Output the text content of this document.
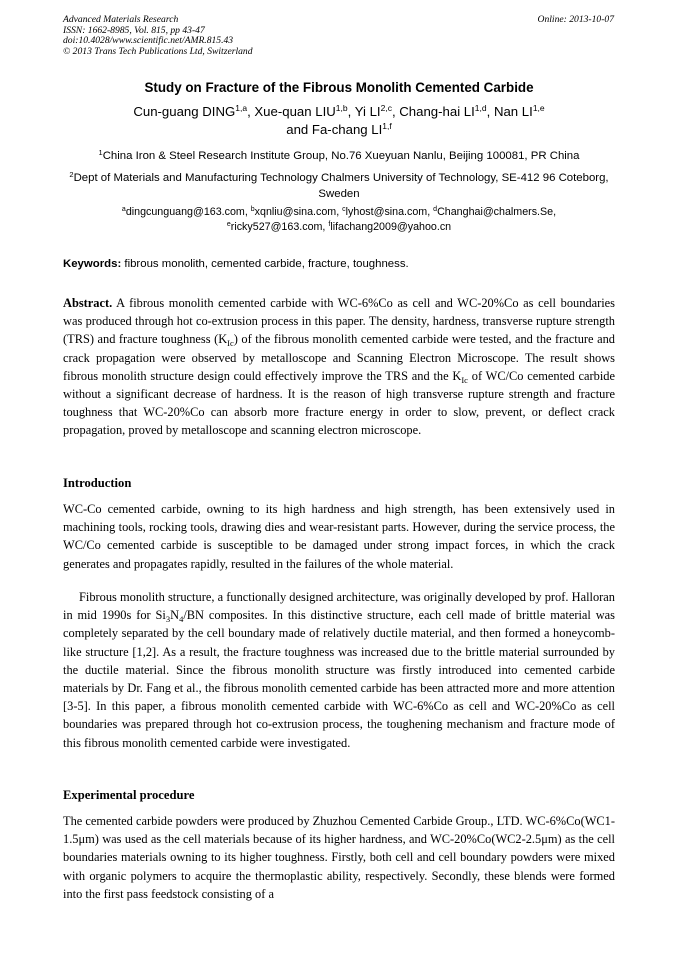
Advanced Materials Research
ISSN: 1662-8985, Vol. 815, pp 43-47
doi:10.4028/www.scientific.net/AMR.815.43
© 2013 Trans Tech Publications Ltd, Switzerland
Online: 2013-10-07
Study on Fracture of the Fibrous Monolith Cemented Carbide
Cun-guang DING$^{1,a}$, Xue-quan LIU$^{1,b}$, Yi LI$^{2,c}$, Chang-hai LI$^{1,d}$, Nan LI$^{1,e}$
and Fa-chang LI$^{1,f}$
$^1$China Iron & Steel Research Institute Group, No.76 Xueyuan Nanlu, Beijing 100081, PR China
$^2$Dept of Materials and Manufacturing Technology Chalmers University of Technology, SE-412 96 Coteborg, Sweden
$^a$dingcunguang@163.com, $^b$xqnliu@sina.com, $^c$lyhost@sina.com, $^d$Changhai@chalmers.Se,
$^e$ricky527@163.com, $^f$lifachang2009@yahoo.cn
Keywords: fibrous monolith, cemented carbide, fracture, toughness.
Abstract. A fibrous monolith cemented carbide with WC-6%Co as cell and WC-20%Co as cell boundaries was produced through hot co-extrusion process in this paper. The density, hardness, transverse rupture strength (TRS) and fracture toughness $(K_{Ic})$ of the fibrous monolith cemented carbide were tested, and the fracture and crack propagation were observed by metalloscope and Scanning Electron Microscope. The result shows fibrous monolith structure design could effectively improve the TRS and the $K_{Ic}$ of WC/Co cemented carbide without a significant decrease of hardness. It is the reason of high transverse rupture strength and fracture toughness that WC-20%Co can absorb more fracture energy in order to slow, prevent, or deflect crack propagation, proved by metalloscope and scanning electron microscope.
Introduction
WC-Co cemented carbide, owning to its high hardness and high strength, has been extensively used in machining tools, rocking tools, drawing dies and wear-resistant parts. However, during the service process, the WC/Co cemented carbide is susceptible to be damaged under strong impact forces, in which the crack generates and propagates rapidly, resulted in the failures of the whole material.
Fibrous monolith structure, a functionally designed architecture, was originally developed by prof. Halloran in mid 1990s for $Si_3N_4/BN$ composites. In this distinctive structure, each cell made of brittle material was completely separated by the cell boundary made of relatively ductile material, and then formed a honeycomb-like structure [1,2]. As a result, the fracture toughness was increased due to the brittle material surrounded by the ductile material. Since the fibrous monolith structure was firstly introduced into cemented carbide materials by Dr. Fang et al., the fibrous monolith cemented carbide has been attracted more and more attention [3-5]. In this paper, a fibrous monolith cemented carbide with WC-6%Co as cell and WC-20%Co as cell boundaries was prepared through hot co-extrusion process, the toughening mechanism and fracture mode of this fibrous monolith cemented carbide were investigated.
Experimental procedure
The cemented carbide powders were produced by Zhuzhou Cemented Carbide Group., LTD. WC-6%Co(WC1-1.5μm) was used as the cell materials because of its higher hardness, and WC-20%Co(WC2-2.5μm) as the cell boundaries materials owning to its higher toughness. Firstly, both cell and cell boundary powders were mixed with organic polymers to acquire the thermoplastic ability, respectively. Secondly, these blends were formed into the first pass feedstock consisting of a
